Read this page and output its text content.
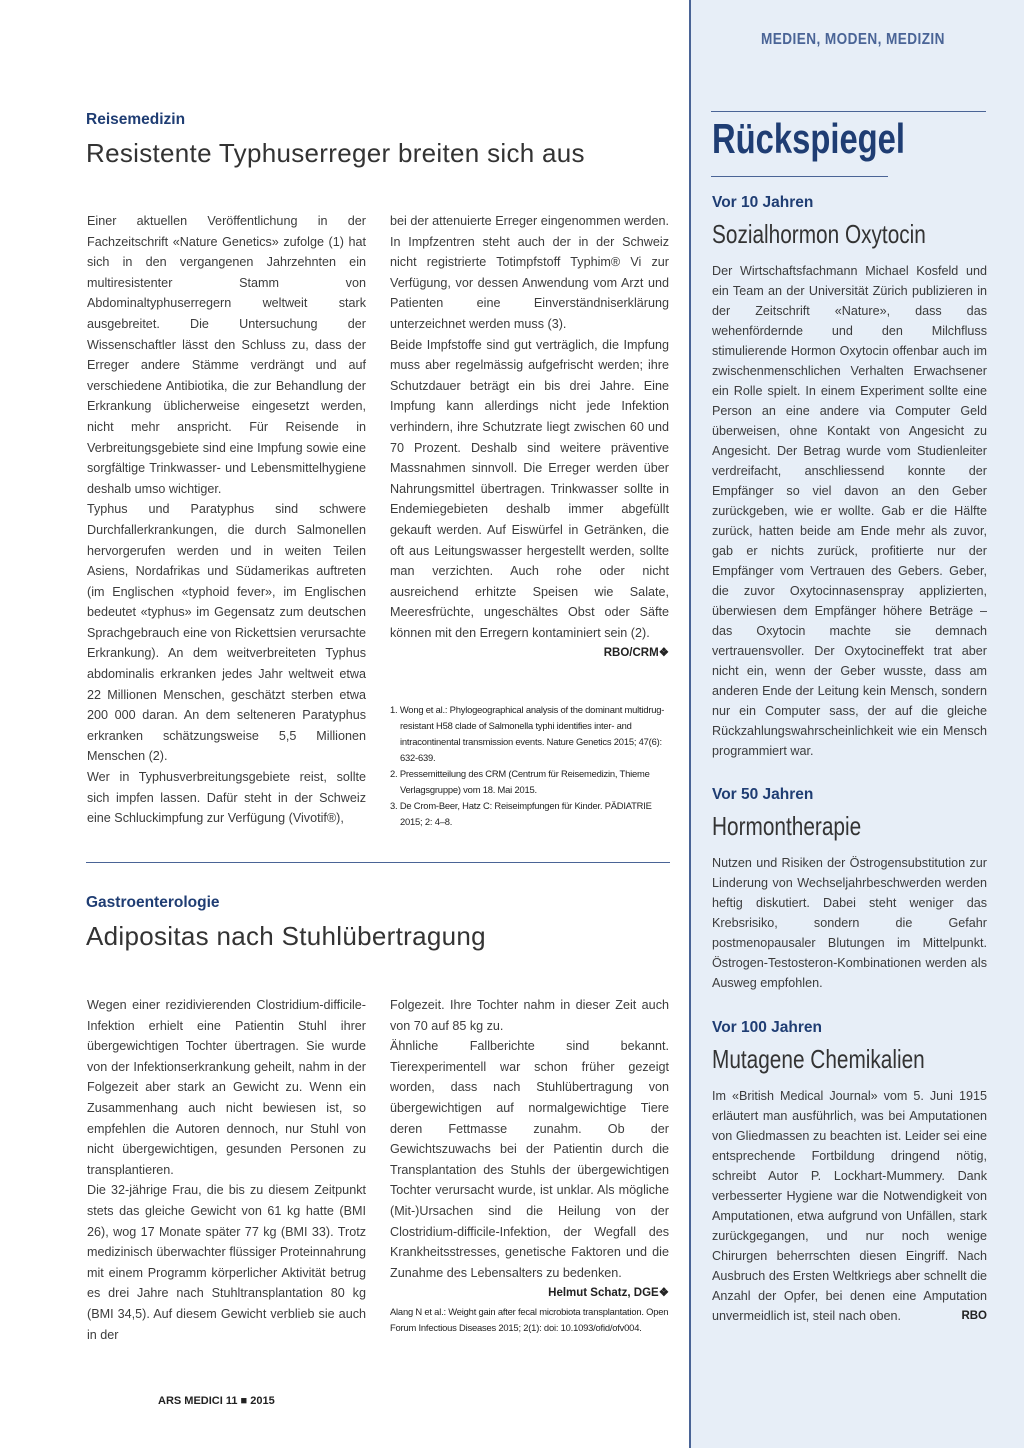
Reisemedizin
Resistente Typhuserreger breiten sich aus

Einer aktuellen Veröffentlichung in der Fachzeitschrift «Nature Genetics» zufolge (1) hat sich in den vergangenen Jahrzehnten ein multiresistenter Stamm von Abdominaltyphuserregern weltweit stark ausgebreitet. Die Untersuchung der Wissenschaftler lässt den Schluss zu, dass der Erreger andere Stämme verdrängt und auf verschiedene Antibiotika, die zur Behandlung der Erkrankung üblicherweise eingesetzt werden, nicht mehr anspricht. Für Reisende in Verbreitungsgebiete sind eine Impfung sowie eine sorgfältige Trinkwasser- und Lebensmittelhygiene deshalb umso wichtiger.

Typhus und Paratyphus sind schwere Durchfallerkrankungen, die durch Salmonellen hervorgerufen werden und in weiten Teilen Asiens, Nordafrikas und Südamerikas auftreten (im Englischen «typhoid fever», im Englischen bedeutet «typhus» im Gegensatz zum deutschen Sprachgebrauch eine von Rickettsien verursachte Erkrankung). An dem weitverbreiteten Typhus abdominalis erkranken jedes Jahr weltweit etwa 22 Millionen Menschen, geschätzt sterben etwa 200 000 daran. An dem selteneren Paratyphus erkranken schätzungsweise 5,5 Millionen Menschen (2).

Wer in Typhusverbreitungsgebiete reist, sollte sich impfen lassen. Dafür steht in der Schweiz eine Schluckimpfung zur Verfügung (Vivotif®),

bei der attenuierte Erreger eingenommen werden. In Impfzentren steht auch der in der Schweiz nicht registrierte Totimpfstoff Typhim® Vi zur Verfügung, vor dessen Anwendung vom Arzt und Patienten eine Einverständniserklärung unterzeichnet werden muss (3).

Beide Impfstoffe sind gut verträglich, die Impfung muss aber regelmässig aufgefrischt werden; ihre Schutzdauer beträgt ein bis drei Jahre. Eine Impfung kann allerdings nicht jede Infektion verhindern, ihre Schutzrate liegt zwischen 60 und 70 Prozent. Deshalb sind weitere präventive Massnahmen sinnvoll. Die Erreger werden über Nahrungsmittel übertragen. Trinkwasser sollte in Endemiegebieten deshalb immer abgefüllt gekauft werden. Auf Eiswürfel in Getränken, die oft aus Leitungswasser hergestellt werden, sollte man verzichten. Auch rohe oder nicht ausreichend erhitzte Speisen wie Salate, Meeresfrüchte, ungeschältes Obst oder Säfte können mit den Erregern kontaminiert sein (2).
RBO/CRM❖

1. Wong et al.: Phylogeographical analysis of the dominant multidrug-resistant H58 clade of Salmonella typhi identifies inter- and intracontinental transmission events. Nature Genetics 2015; 47(6): 632-639.
2. Pressemitteilung des CRM (Centrum für Reisemedizin, Thieme Verlagsgruppe) vom 18. Mai 2015.
3. De Crom-Beer, Hatz C: Reiseimpfungen für Kinder. PÄDIATRIE 2015; 2: 4–8.
Gastroenterologie
Adipositas nach Stuhlübertragung

Wegen einer rezidivierenden Clostridium-difficile-Infektion erhielt eine Patientin Stuhl ihrer übergewichtigen Tochter übertragen. Sie wurde von der Infektionserkrankung geheilt, nahm in der Folgezeit aber stark an Gewicht zu. Wenn ein Zusammenhang auch nicht bewiesen ist, so empfehlen die Autoren dennoch, nur Stuhl von nicht übergewichtigen, gesunden Personen zu transplantieren.

Die 32-jährige Frau, die bis zu diesem Zeitpunkt stets das gleiche Gewicht von 61 kg hatte (BMI 26), wog 17 Monate später 77 kg (BMI 33). Trotz medizinisch überwachter flüssiger Proteinnahrung mit einem Programm körperlicher Aktivität betrug es drei Jahre nach Stuhltransplantation 80 kg (BMI 34,5). Auf diesem Gewicht verblieb sie auch in der

Folgezeit. Ihre Tochter nahm in dieser Zeit auch von 70 auf 85 kg zu.

Ähnliche Fallberichte sind bekannt. Tierexperimentell war schon früher gezeigt worden, dass nach Stuhlübertragung von übergewichtigen auf normalgewichtige Tiere deren Fettmasse zunahm. Ob der Gewichtszuwachs bei der Patientin durch die Transplantation des Stuhls der übergewichtigen Tochter verursacht wurde, ist unklar. Als mögliche (Mit-)Ursachen sind die Heilung von der Clostridium-difficile-Infektion, der Wegfall des Krankheitsstresses, genetische Faktoren und die Zunahme des Lebensalters zu bedenken.
Helmut Schatz, DGE❖

Alang N et al.: Weight gain after fecal microbiota transplantation. Open Forum Infectious Diseases 2015; 2(1): doi: 10.1093/ofid/ofv004.
ARS MEDICI 11 ■ 2015
MEDIEN, MODEN, MEDIZIN
Rückspiegel
Vor 10 Jahren
Sozialhormon Oxytocin
Der Wirtschaftsfachmann Michael Kosfeld und ein Team an der Universität Zürich publizieren in der Zeitschrift «Nature», dass das wehenfördernde und den Milchfluss stimulierende Hormon Oxytocin offenbar auch im zwischenmenschlichen Verhalten Erwachsener ein Rolle spielt. In einem Experiment sollte eine Person an eine andere via Computer Geld überweisen, ohne Kontakt von Angesicht zu Angesicht. Der Betrag wurde vom Studienleiter verdreifacht, anschliessend konnte der Empfänger so viel davon an den Geber zurückgeben, wie er wollte. Gab er die Hälfte zurück, hatten beide am Ende mehr als zuvor, gab er nichts zurück, profitierte nur der Empfänger vom Vertrauen des Gebers. Geber, die zuvor Oxytocinnasenspray applizierten, überwiesen dem Empfänger höhere Beträge – das Oxytocin machte sie demnach vertrauensvoller. Der Oxytocineffekt trat aber nicht ein, wenn der Geber wusste, dass am anderen Ende der Leitung kein Mensch, sondern nur ein Computer sass, der auf die gleiche Rückzahlungswahrscheinlichkeit wie ein Mensch programmiert war.
Vor 50 Jahren
Hormontherapie
Nutzen und Risiken der Östrogensubstitution zur Linderung von Wechseljahrbeschwerden werden heftig diskutiert. Dabei steht weniger das Krebsrisiko, sondern die Gefahr postmenopausaler Blutungen im Mittelpunkt. Östrogen-Testosteron-Kombinationen werden als Ausweg empfohlen.
Vor 100 Jahren
Mutagene Chemikalien
Im «British Medical Journal» vom 5. Juni 1915 erläutert man ausführlich, was bei Amputationen von Gliedmassen zu beachten ist. Leider sei eine entsprechende Fortbildung dringend nötig, schreibt Autor P. Lockhart-Mummery. Dank verbesserter Hygiene war die Notwendigkeit von Amputationen, etwa aufgrund von Unfällen, stark zurückgegangen, und nur noch wenige Chirurgen beherrschten diesen Eingriff. Nach Ausbruch des Ersten Weltkriegs aber schnellt die Anzahl der Opfer, bei denen eine Amputation unvermeidlich ist, steil nach oben.	RBO
